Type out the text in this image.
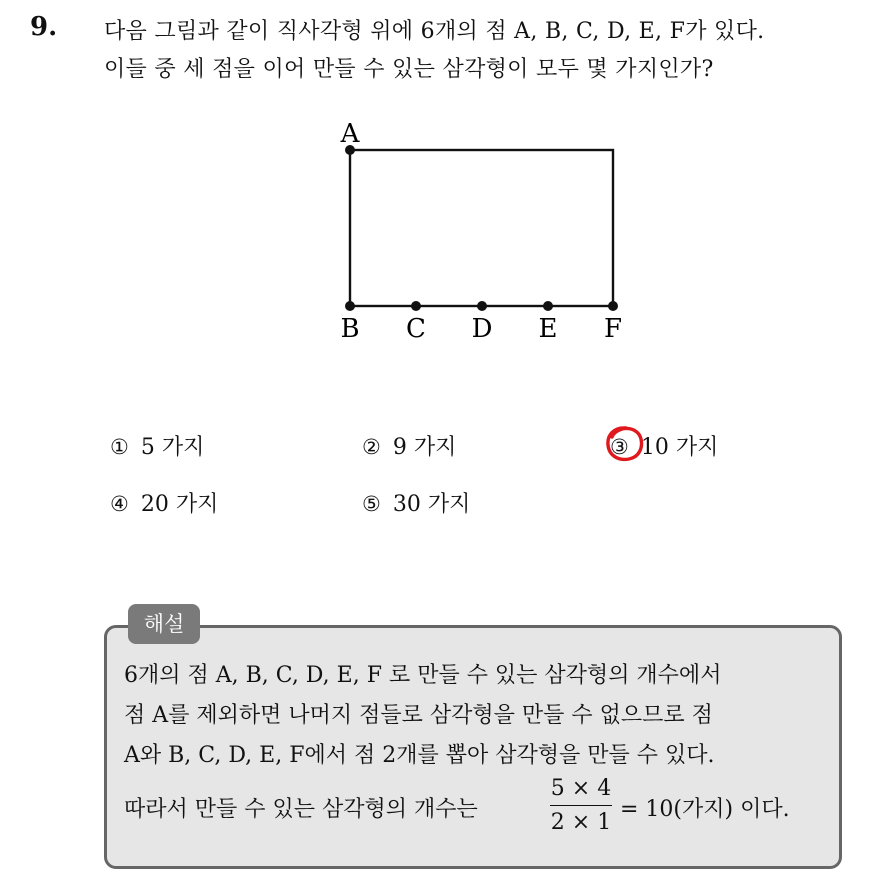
9. 다음 그림과 같이 직사각형 위에 6개의 점 A, B, C, D, E, F가 있다.
이들 중 세 점을 이어 만들 수 있는 삼각형이 모두 몇 가지인가?
A
B C D E F
① 5 가지	② 9 가지	③ 10 가지
④ 20 가지	⑤ 30 가지
해설
6개의 점 A, B, C, D, E, F 로 만들 수 있는 삼각형의 개수에서
점 A를 제외하면 나머지 점들로 삼각형을 만들 수 없으므로 점
A와 B, C, D, E, F에서 점 2개를 뽑아 삼각형을 만들 수 있다.
따라서 만들 수 있는 삼각형의 개수는	$\frac{5 \times 4}{2 \times 1} = 10$(가지) 이다.
